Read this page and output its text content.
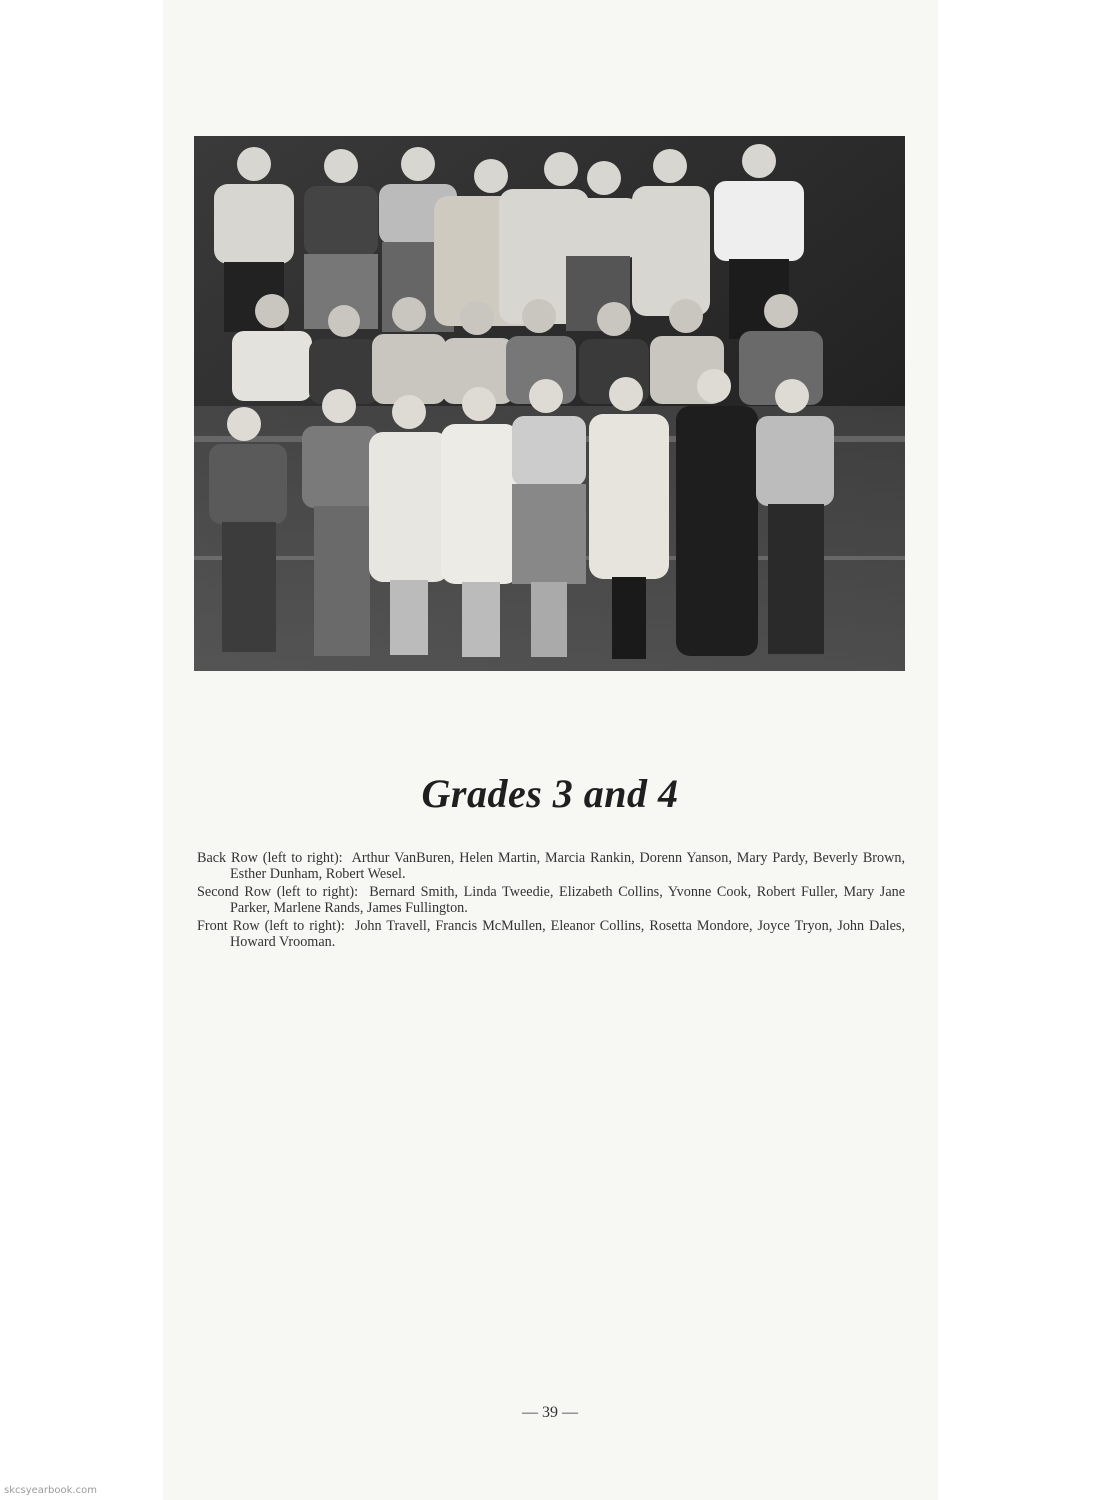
Grades 3 and 4

Back Row (left to right): Arthur VanBuren, Helen Martin, Marcia Rankin, Dorenn Yanson, Mary Pardy, Beverly Brown, Esther Dunham, Robert Wesel.

Second Row (left to right): Bernard Smith, Linda Tweedie, Elizabeth Collins, Yvonne Cook, Robert Fuller, Mary Jane Parker, Marlene Rands, James Fullington.

Front Row (left to right): John Travell, Francis McMullen, Eleanor Collins, Rosetta Mondore, Joyce Tryon, John Dales, Howard Vrooman.

— 39 —
skcsyearbook.com
